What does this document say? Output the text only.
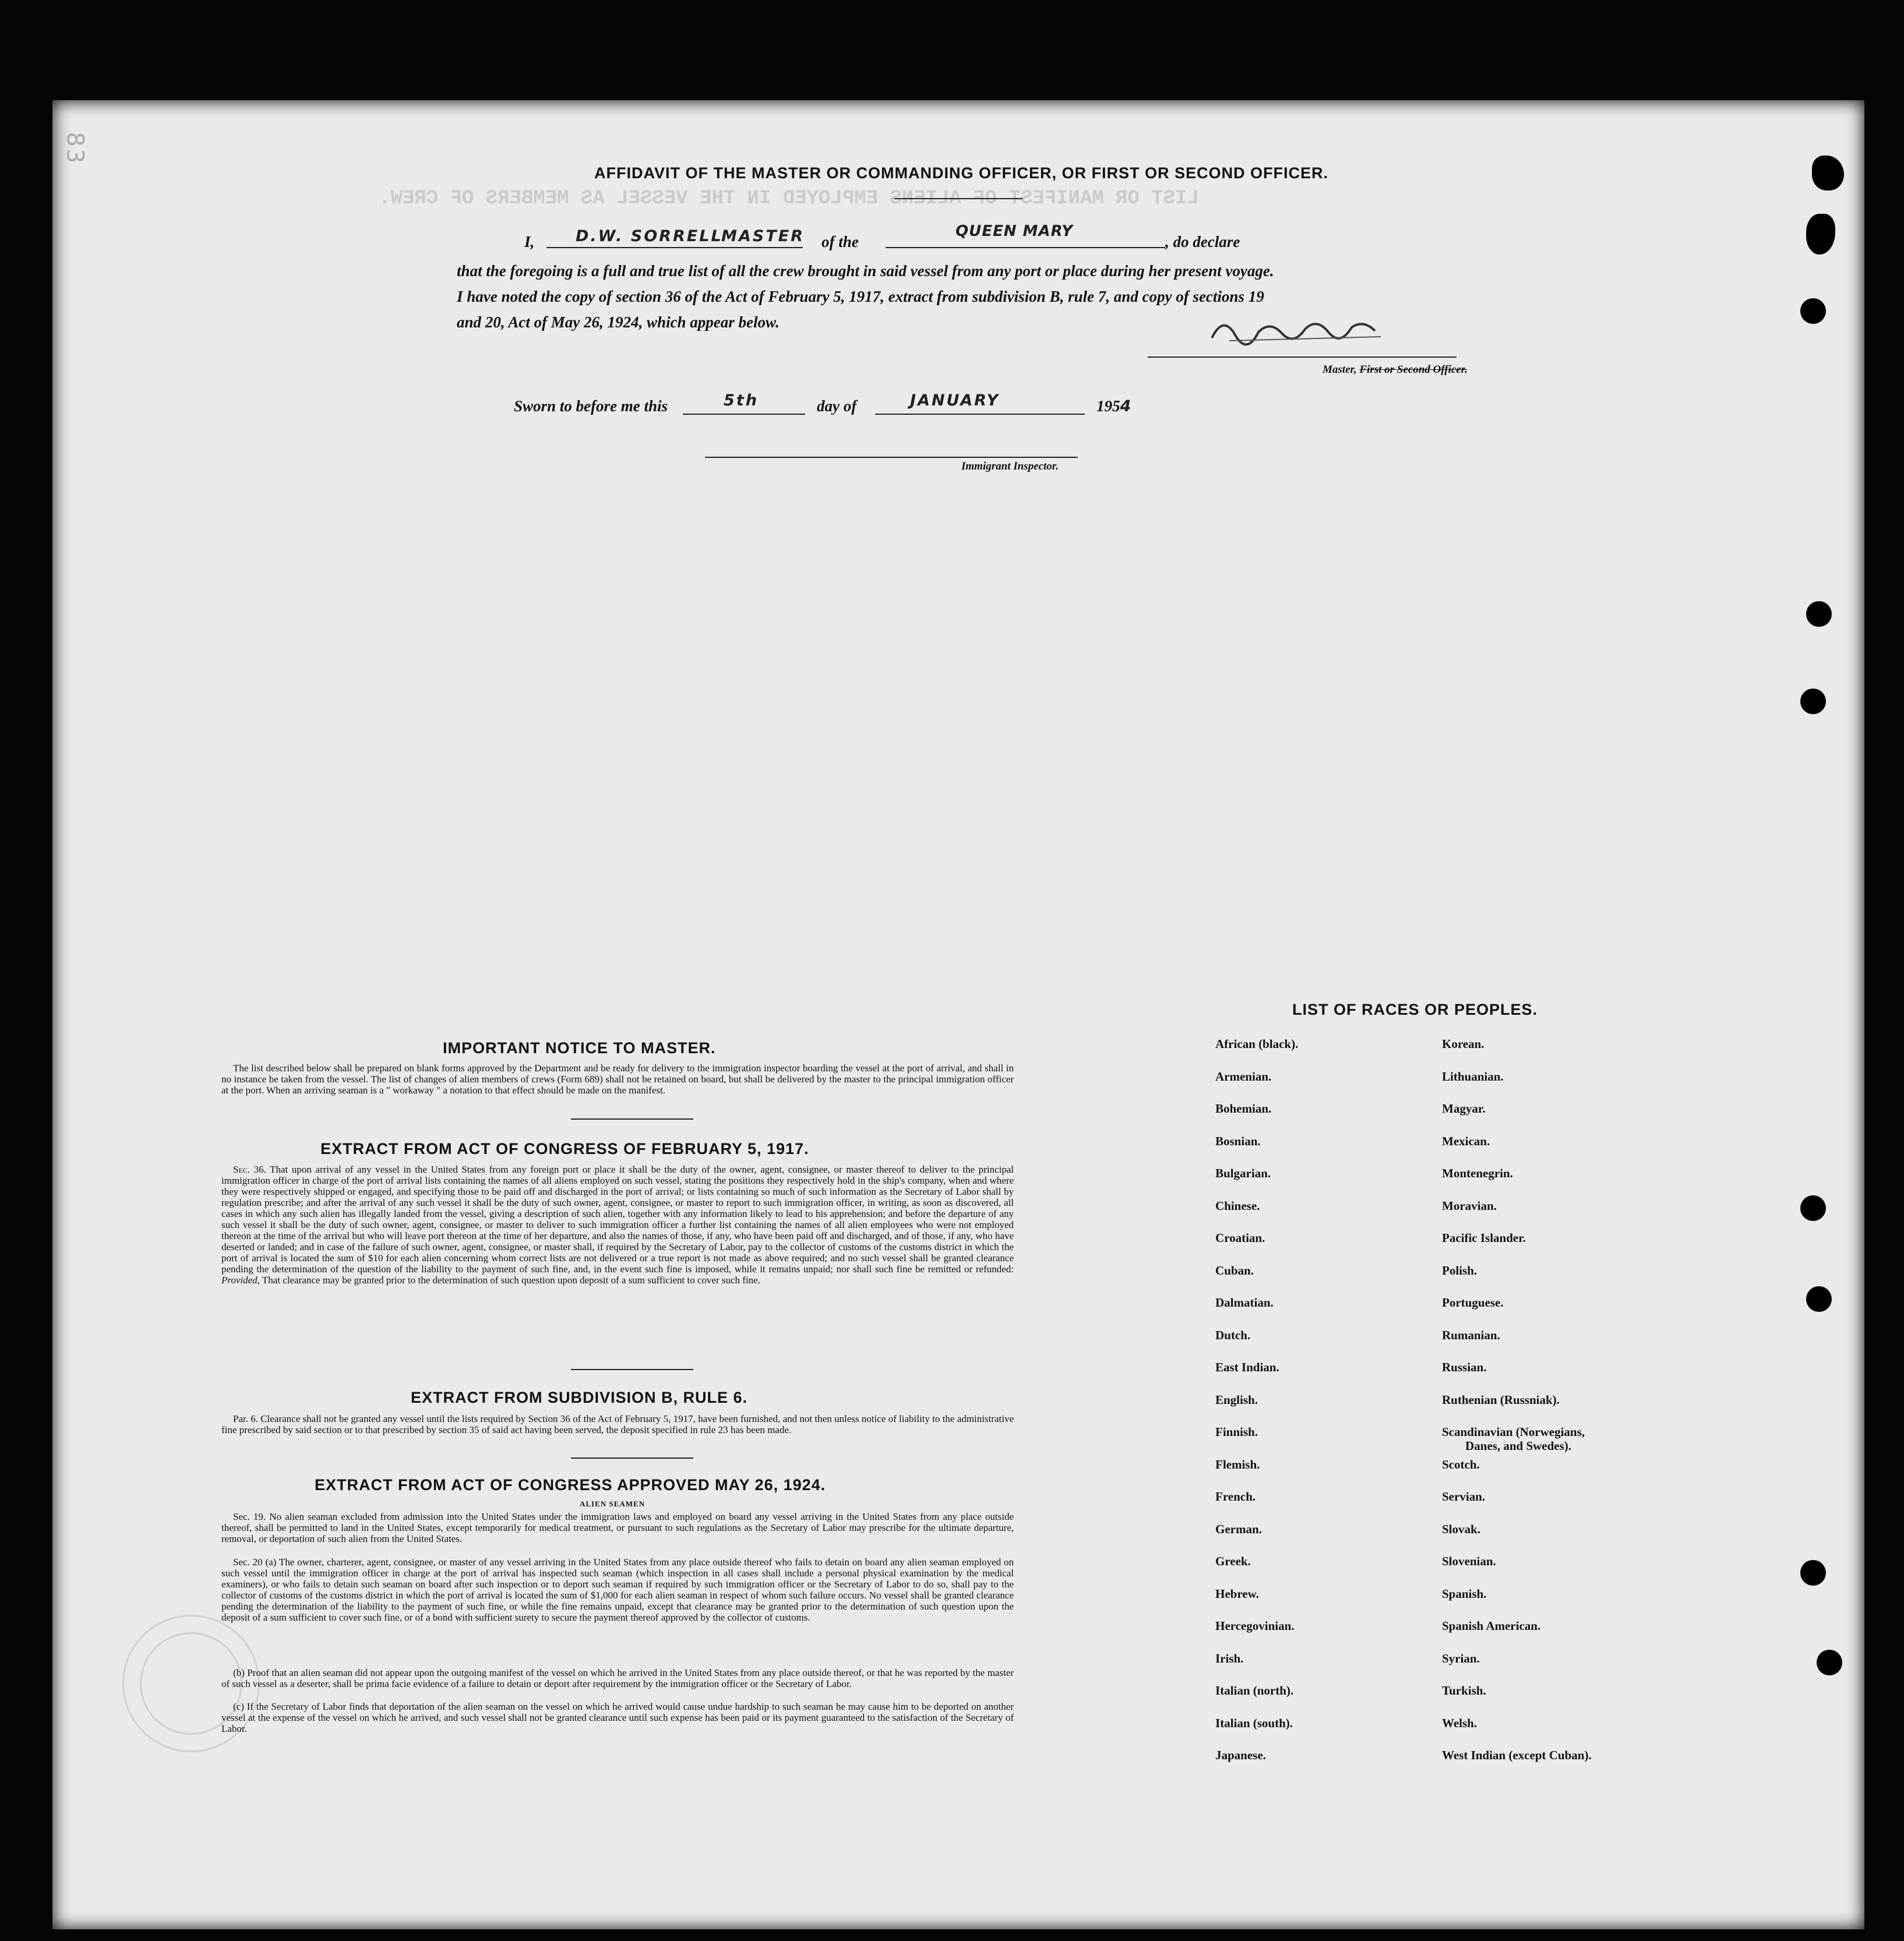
LIST OR MANIFEST OF ALIENS EMPLOYED IN THE VESSEL AS MEMBERS OF CREW.
83
AFFIDAVIT OF THE MASTER OR COMMANDING OFFICER, OR FIRST OR SECOND OFFICER.
I,	D.W. SORRELL
MASTER of the
QUEEN MARY
, do declare
that the foregoing is a full and true list of all the crew brought in said vessel from any port or place during her present voyage.
I have noted the copy of section 36 of the Act of February 5, 1917, extract from subdivision B, rule 7, and copy of sections 19
and 20, Act of May 26, 1924, which appear below.
Master, First or Second Officer.
Sworn to before me this	5th	day of	JANUARY	1954
Immigrant Inspector.
IMPORTANT NOTICE TO MASTER.
The list described below shall be prepared on blank forms approved by the Department and be ready for delivery to the immigration inspector boarding the vessel at the port of arrival, and shall in no instance be taken from the vessel. The list of changes of alien members of crews (Form 689) shall not be retained on board, but shall be delivered by the master to the principal immigration officer at the port. When an arriving seaman is a " workaway " a notation to that effect should be made on the manifest.
EXTRACT FROM ACT OF CONGRESS OF FEBRUARY 5, 1917.
Sec. 36. That upon arrival of any vessel in the United States from any foreign port or place it shall be the duty of the owner, agent, consignee, or master thereof to deliver to the principal immigration officer in charge of the port of arrival lists containing the names of all aliens employed on such vessel, stating the positions they respectively hold in the ship's company, when and where they were respectively shipped or engaged, and specifying those to be paid off and discharged in the port of arrival; or lists containing so much of such information as the Secretary of Labor shall by regulation prescribe; and after the arrival of any such vessel it shall be the duty of such owner, agent, consignee, or master to report to such immigration officer, in writing, as soon as discovered, all cases in which any such alien has illegally landed from the vessel, giving a description of such alien, together with any information likely to lead to his apprehension; and before the departure of any such vessel it shall be the duty of such owner, agent, consignee, or master to deliver to such immigration officer a further list containing the names of all alien employees who were not employed thereon at the time of the arrival but who will leave port thereon at the time of her departure, and also the names of those, if any, who have been paid off and discharged, and of those, if any, who have deserted or landed; and in case of the failure of such owner, agent, consignee, or master shall, if required by the Secretary of Labor, pay to the collector of customs of the customs district in which the port of arrival is located the sum of $10 for each alien concerning whom correct lists are not delivered or a true report is not made as above required; and no such vessel shall be granted clearance pending the determination of the question of the liability to the payment of such fine, and, in the event such fine is imposed, while it remains unpaid; nor shall such fine be remitted or refunded: Provided, That clearance may be granted prior to the determination of such question upon deposit of a sum sufficient to cover such fine.
EXTRACT FROM SUBDIVISION B, RULE 6.
Par. 6. Clearance shall not be granted any vessel until the lists required by Section 36 of the Act of February 5, 1917, have been furnished, and not then unless notice of liability to the administrative fine prescribed by said section or to that prescribed by section 35 of said act having been served, the deposit specified in rule 23 has been made.
EXTRACT FROM ACT OF CONGRESS APPROVED MAY 26, 1924.
ALIEN SEAMEN
Sec. 19. No alien seaman excluded from admission into the United States under the immigration laws and employed on board any vessel arriving in the United States from any place outside thereof, shall be permitted to land in the United States, except temporarily for medical treatment, or pursuant to such regulations as the Secretary of Labor may prescribe for the ultimate departure, removal, or deportation of such alien from the United States.
Sec. 20 (a) The owner, charterer, agent, consignee, or master of any vessel arriving in the United States from any place outside thereof who fails to detain on board any alien seaman employed on such vessel until the immigration officer in charge at the port of arrival has inspected such seaman (which inspection in all cases shall include a personal physical examination by the medical examiners), or who fails to detain such seaman on board after such inspection or to deport such seaman if required by such immigration officer or the Secretary of Labor to do so, shall pay to the collector of customs of the customs district in which the port of arrival is located the sum of $1,000 for each alien seaman in respect of whom such failure occurs. No vessel shall be granted clearance pending the determination of the liability to the payment of such fine, or while the fine remains unpaid, except that clearance may be granted prior to the determination of such question upon the deposit of a sum sufficient to cover such fine, or of a bond with sufficient surety to secure the payment thereof approved by the collector of customs.
(b) Proof that an alien seaman did not appear upon the outgoing manifest of the vessel on which he arrived in the United States from any place outside thereof, or that he was reported by the master of such vessel as a deserter, shall be prima facie evidence of a failure to detain or deport after requirement by the immigration officer or the Secretary of Labor.
(c) If the Secretary of Labor finds that deportation of the alien seaman on the vessel on which he arrived would cause undue hardship to such seaman he may cause him to be deported on another vessel at the expense of the vessel on which he arrived, and such vessel shall not be granted clearance until such expense has been paid or its payment guaranteed to the satisfaction of the Secretary of Labor.
LIST OF RACES OR PEOPLES.
African (black).
Armenian.
Bohemian.
Bosnian.
Bulgarian.
Chinese.
Croatian.
Cuban.
Dalmatian.
Dutch.
East Indian.
English.
Finnish.
Flemish.
French.
German.
Greek.
Hebrew.
Hercegovinian.
Irish.
Italian (north).
Italian (south).
Japanese.
Korean.
Lithuanian.
Magyar.
Mexican.
Montenegrin.
Moravian.
Pacific Islander.
Polish.
Portuguese.
Rumanian.
Russian.
Ruthenian (Russniak).
Scandinavian (Norwegians,
Scotch.
Servian.
Slovak.
Slovenian.
Spanish.
Spanish American.
Syrian.
Turkish.
Welsh.
West Indian (except Cuban).
Danes, and Swedes).
